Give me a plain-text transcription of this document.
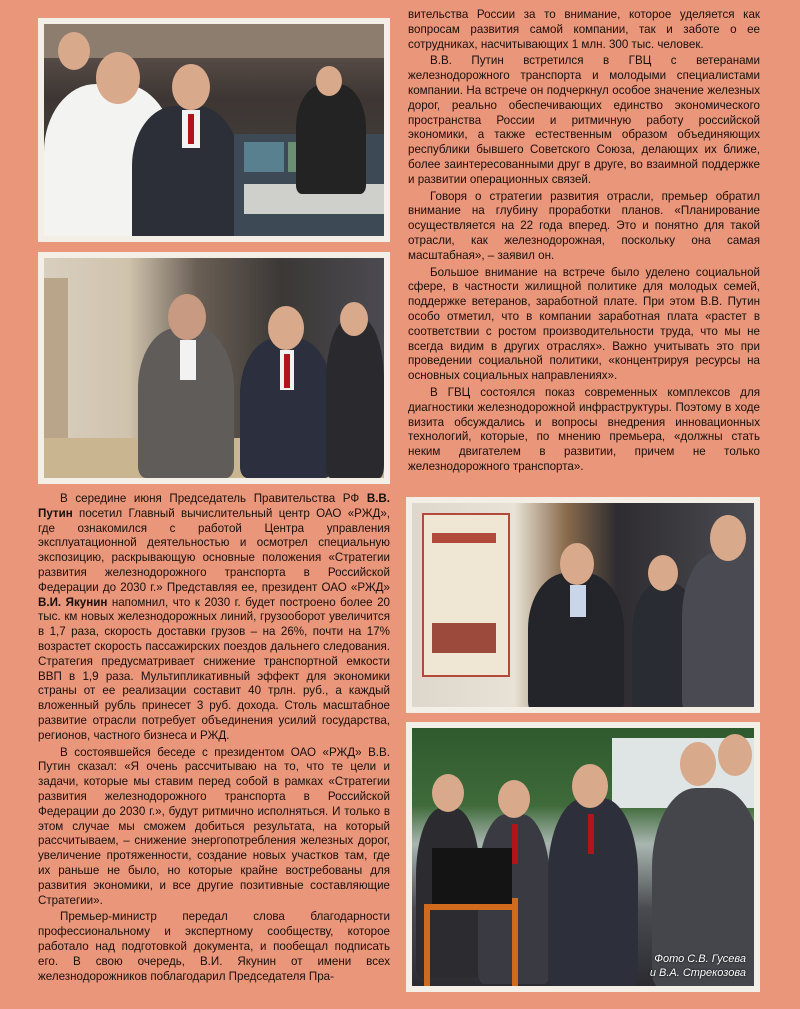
вительства России за то внимание, которое уделяется как вопросам развития самой компании, так и заботе о ее сотрудниках, насчитывающих 1 млн. 300 тыс. человек.

В.В. Путин встретился в ГВЦ с ветеранами железнодорожного транспорта и молодыми специалистами компании. На встрече он подчеркнул особое значение железных дорог, реально обеспечивающих единство экономического пространства России и ритмичную работу российской экономики, а также естественным образом объединяющих республики бывшего Советского Союза, делающих их ближе, более заинтересованными друг в друге, во взаимной поддержке и развитии операционных связей.

Говоря о стратегии развития отрасли, премьер обратил внимание на глубину проработки планов. «Планирование осуществляется на 22 года вперед. Это и понятно для такой отрасли, как железнодорожная, поскольку она самая масштабная», – заявил он.

Большое внимание на встрече было уделено социальной сфере, в частности жилищной политике для молодых семей, поддержке ветеранов, заработной плате. При этом В.В. Путин особо отметил, что в компании заработная плата «растет в соответствии с ростом производительности труда, что мы не всегда видим в других отраслях». Важно учитывать это при проведении социальной политики, «концентрируя ресурсы на основных социальных направлениях».

В ГВЦ состоялся показ современных комплексов для диагностики железнодорожной инфраструктуры. Поэтому в ходе визита обсуждались и вопросы внедрения инновационных технологий, которые, по мнению премьера, «должны стать неким двигателем в развитии, причем не только железнодорожного транспорта».

Фото С.В. Гусева
и В.А. Стрекозова

В середине июня Председатель Правительства РФ В.В. Путин посетил Главный вычислительный центр ОАО «РЖД», где ознакомился с работой Центра управления эксплуатационной деятельностью и осмотрел специальную экспозицию, раскрывающую основные положения «Стратегии развития железнодорожного транспорта в Российской Федерации до 2030 г.» Представляя ее, президент ОАО «РЖД» В.И. Якунин напомнил, что к 2030 г. будет построено более 20 тыс. км новых железнодорожных линий, грузооборот увеличится в 1,7 раза, скорость доставки грузов – на 26%, почти на 17% возрастет скорость пассажирских поездов дальнего следования. Стратегия предусматривает снижение транспортной емкости ВВП в 1,9 раза. Мультипликативный эффект для экономики страны от ее реализации составит 40 трлн. руб., а каждый вложенный рубль принесет 3 руб. дохода. Столь масштабное развитие отрасли потребует объединения усилий государства, регионов, частного бизнеса и РЖД.

В состоявшейся беседе с президентом ОАО «РЖД» В.В. Путин сказал: «Я очень рассчитываю на то, что те цели и задачи, которые мы ставим перед собой в рамках «Стратегии развития железнодорожного транспорта в Российской Федерации до 2030 г.», будут ритмично исполняться. И только в этом случае мы сможем добиться результата, на который рассчитываем, – снижение энергопотребления железных дорог, увеличение протяженности, создание новых участков там, где их раньше не было, но которые крайне востребованы для развития экономики, и все другие позитивные составляющие Стратегии».

Премьер-министр передал слова благодарности профессиональному и экспертному сообществу, которое работало над подготовкой документа, и пообещал подписать его. В свою очередь, В.И. Якунин от имени всех железнодорожников поблагодарил Председателя Пра-
